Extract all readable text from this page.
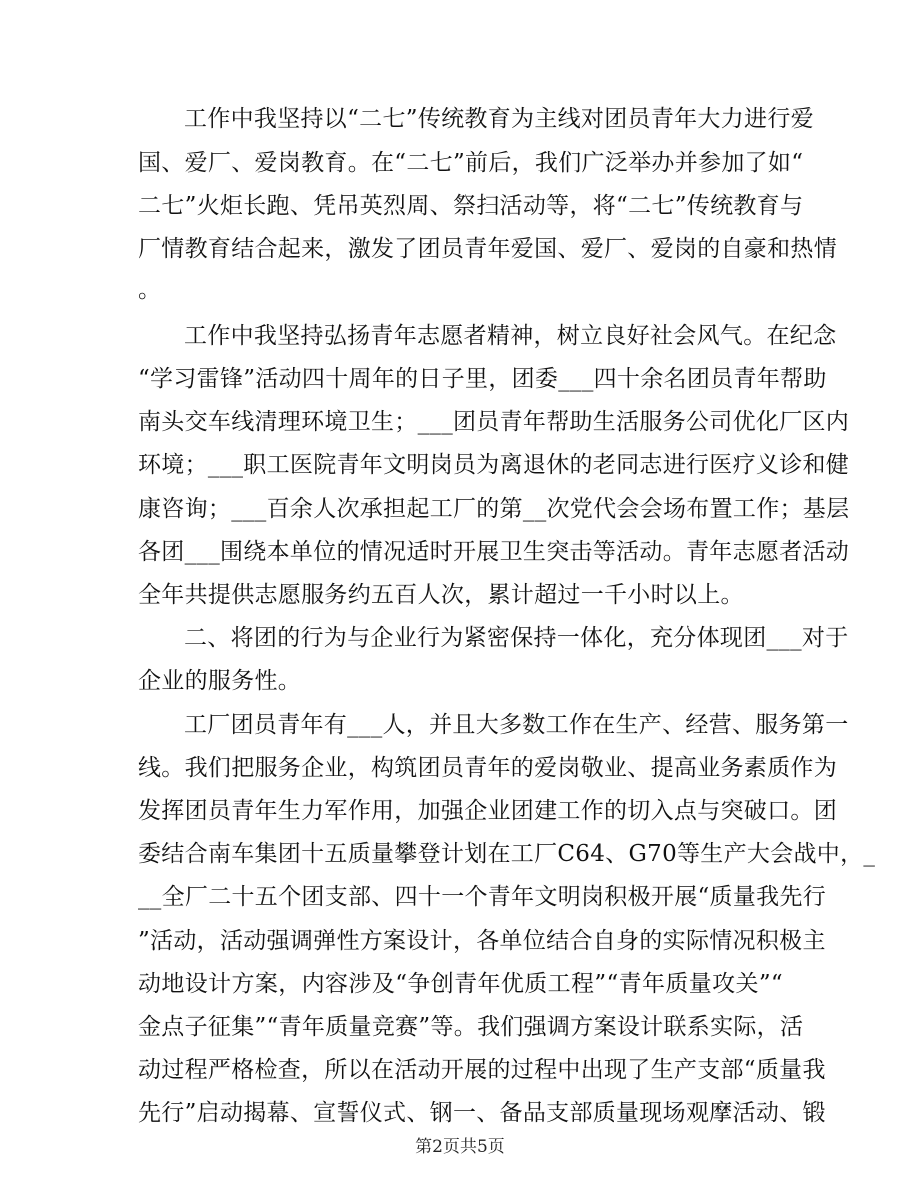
工作中我坚持以“二七”传统教育为主线对团员青年大力进行爱
国、爱厂、爱岗教育。在“二七”前后，我们广泛举办并参加了如“
二七”火炬长跑、凭吊英烈周、祭扫活动等，将“二七”传统教育与
厂情教育结合起来，激发了团员青年爱国、爱厂、爱岗的自豪和热情
。
工作中我坚持弘扬青年志愿者精神，树立良好社会风气。在纪念
“学习雷锋”活动四十周年的日子里，团委___四十余名团员青年帮助
南头交车线清理环境卫生；___团员青年帮助生活服务公司优化厂区内
环境；___职工医院青年文明岗员为离退休的老同志进行医疗义诊和健
康咨询；___百余人次承担起工厂的第__次党代会会场布置工作；基层
各团___围绕本单位的情况适时开展卫生突击等活动。青年志愿者活动
全年共提供志愿服务约五百人次，累计超过一千小时以上。
二、将团的行为与企业行为紧密保持一体化，充分体现团___对于
企业的服务性。
工厂团员青年有___人，并且大多数工作在生产、经营、服务第一
线。我们把服务企业，构筑团员青年的爱岗敬业、提高业务素质作为
发挥团员青年生力军作用，加强企业团建工作的切入点与突破口。团
委结合南车集团十五质量攀登计划在工厂C64、G70等生产大会战中，_
__全厂二十五个团支部、四十一个青年文明岗积极开展“质量我先行
”活动，活动强调弹性方案设计，各单位结合自身的实际情况积极主
动地设计方案，内容涉及“争创青年优质工程”“青年质量攻关”“
金点子征集”“青年质量竞赛”等。我们强调方案设计联系实际，活
动过程严格检查，所以在活动开展的过程中出现了生产支部“质量我
先行”启动揭幕、宣誓仪式、钢一、备品支部质量现场观摩活动、锻
第2页共5页
